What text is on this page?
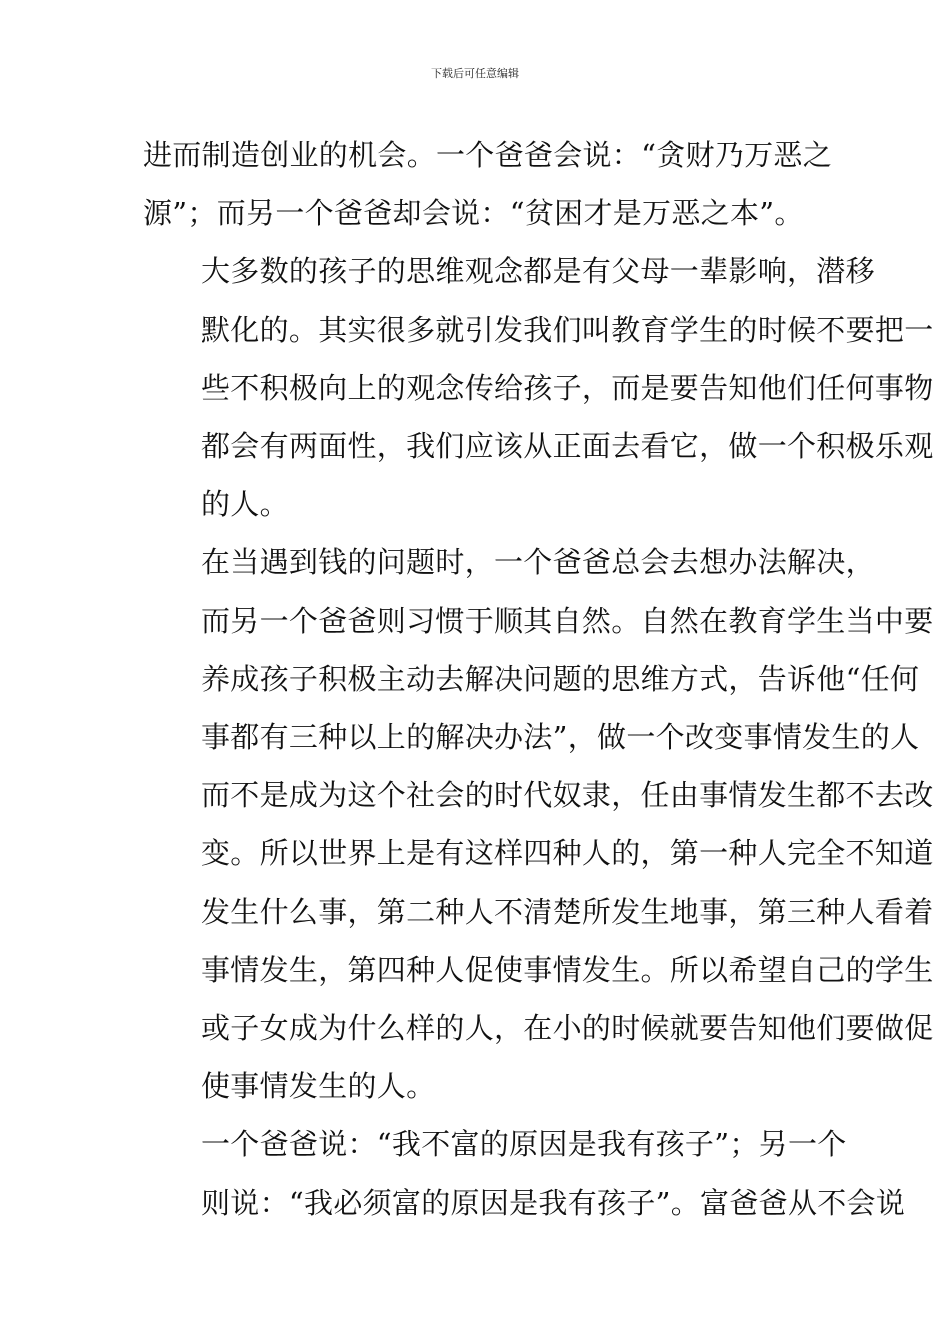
下载后可任意编辑

进而制造创业的机会。一个爸爸会说：“贪财乃万恶之
源”；而另一个爸爸却会说：“贫困才是万恶之本”。

大多数的孩子的思维观念都是有父母一辈影响，潜移
默化的。其实很多就引发我们叫教育学生的时候不要把一
些不积极向上的观念传给孩子，而是要告知他们任何事物
都会有两面性，我们应该从正面去看它，做一个积极乐观
的人。

在当遇到钱的问题时，一个爸爸总会去想办法解决，
而另一个爸爸则习惯于顺其自然。自然在教育学生当中要
养成孩子积极主动去解决问题的思维方式，告诉他“任何
事都有三种以上的解决办法”，做一个改变事情发生的人
而不是成为这个社会的时代奴隶，任由事情发生都不去改
变。所以世界上是有这样四种人的，第一种人完全不知道
发生什么事，第二种人不清楚所发生地事，第三种人看着
事情发生，第四种人促使事情发生。所以希望自己的学生
或子女成为什么样的人，在小的时候就要告知他们要做促
使事情发生的人。

一个爸爸说：“我不富的原因是我有孩子”；另一个
则说：“我必须富的原因是我有孩子”。富爸爸从不会说
